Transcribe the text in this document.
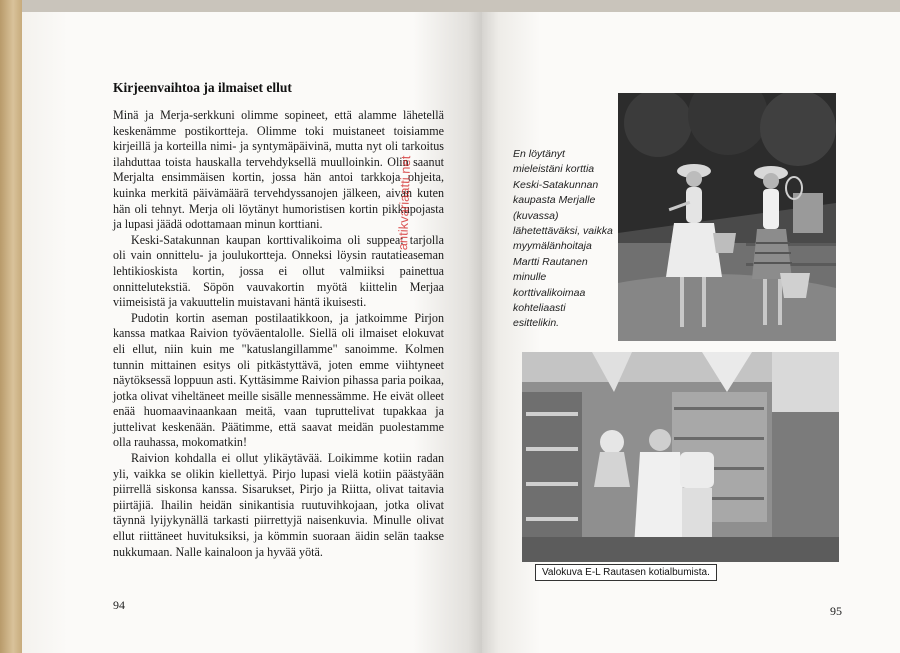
Kirjeenvaihtoa ja ilmaiset ellut

Minä ja Merja-serkkuni olimme sopineet, että alamme lähetellä keskenämme postikortteja. Olimme toki muistaneet toisiamme kirjeillä ja korteilla nimi- ja syntymäpäivinä, mutta nyt oli tarkoitus ilahduttaa toista hauskalla tervehdyksellä muulloinkin. Olin saanut Merjalta ensimmäisen kortin, jossa hän antoi tarkkoja ohjeita, kuinka merkitä päivämäärä tervehdyssanojen jälkeen, aivan kuten hän oli tehnyt. Merja oli löytänyt humoristisen kortin pikkupojasta ja lupasi jäädä odottamaan minun korttiani.

Keski-Satakunnan kaupan korttivalikoima oli suppea: tarjolla oli vain onnittelu- ja joulukortteja. Onneksi löysin rautatieaseman lehtikioskista kortin, jossa ei ollut valmiiksi painettua onnittelutekstiä. Söpön vauvakortin myötä kiittelin Merjaa viimeisistä ja vakuuttelin muistavani häntä ikuisesti.

Pudotin kortin aseman postilaatikkoon, ja jatkoimme Pirjon kanssa matkaa Raivion työväentalolle. Siellä oli ilmaiset elokuvat eli ellut, niin kuin me "katuslangillamme" sanoimme. Kolmen tunnin mittainen esitys oli pitkästyttävä, joten emme viihtyneet näytöksessä loppuun asti. Kyttäsimme Raivion pihassa paria poikaa, jotka olivat viheltäneet meille sisälle mennessämme. He eivät olleet enää huomaavinaankaan meitä, vaan tupruttelivat tupakkaa ja juttelivat keskenään. Päätimme, että saavat meidän puolestamme olla rauhassa, mokomatkin!

Raivion kohdalla ei ollut ylikäytävää. Loikimme kotiin radan yli, vaikka se olikin kiellettyä. Pirjo lupasi vielä kotiin päästyään piirrellä siskonsa kanssa. Sisarukset, Pirjo ja Riitta, olivat taitavia piirtäjiä. Ihailin heidän sinikantisia ruutuvihkojaan, jotka olivat täynnä lyijykynällä tarkasti piirrettyjä naisenkuvia. Minulle olivat ellut riittäneet huvituksiksi, ja kömmin suoraan äidin selän taakse nukkumaan. Nalle kainaloon ja hyvää yötä.

94
antikvariaatti.net
En löytänyt mieleistäni korttia Keski-Satakunnan kaupasta Merjalle (kuvassa) lähetettäväksi, vaikka myymälänhoitaja Martti Rautanen minulle korttivalikoimaa kohteliaasti esittelikin.
Valokuva E-L Rautasen kotialbumista.
95
